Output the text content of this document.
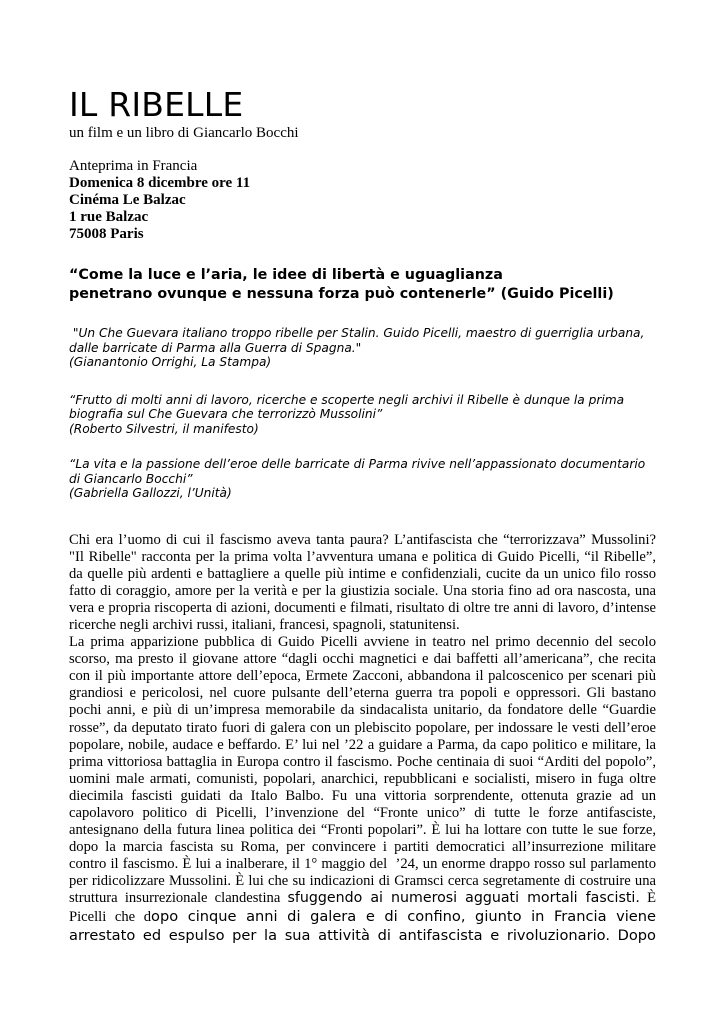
IL RIBELLE

un film e un libro di Giancarlo Bocchi

Anteprima in Francia
Domenica 8 dicembre ore 11
Cinéma Le Balzac
1 rue Balzac
75008 Paris
“Come la luce e l’aria, le idee di libertà e uguaglianza
penetrano ovunque e nessuna forza può contenerle” (Guido Picelli)
"Un Che Guevara italiano troppo ribelle per Stalin. Guido Picelli, maestro di guerriglia urbana,
dalle barricate di Parma alla Guerra di Spagna."
(Gianantonio Orrighi, La Stampa)
“Frutto di molti anni di lavoro, ricerche e scoperte negli archivi il Ribelle è dunque la prima
biografia sul Che Guevara che terrorizzò Mussolini”
(Roberto Silvestri, il manifesto)
“La vita e la passione dell’eroe delle barricate di Parma rivive nell’appassionato documentario
di Giancarlo Bocchi”
(Gabriella Gallozzi, l’Unità)
Chi era l’uomo di cui il fascismo aveva tanta paura? L’antifascista che “terrorizzava” Mussolini?
"Il Ribelle" racconta per la prima volta l’avventura umana e politica di Guido Picelli, “il Ribelle”,
da quelle più ardenti e battagliere a quelle più intime e confidenziali, cucite da un unico filo rosso
fatto di coraggio, amore per la verità e per la giustizia sociale. Una storia fino ad ora nascosta, una
vera e propria riscoperta di azioni, documenti e filmati, risultato di oltre tre anni di lavoro, d’intense
ricerche negli archivi russi, italiani, francesi, spagnoli, statunitensi.
La prima apparizione pubblica di Guido Picelli avviene in teatro nel primo decennio del secolo
scorso, ma presto il giovane attore “dagli occhi magnetici e dai baffetti all’americana”, che recita
con il più importante attore dell’epoca, Ermete Zacconi, abbandona il palcoscenico per scenari più
grandiosi e pericolosi, nel cuore pulsante dell’eterna guerra tra popoli e oppressori. Gli bastano
pochi anni, e più di un’impresa memorabile da sindacalista unitario, da fondatore delle “Guardie
rosse”, da deputato tirato fuori di galera con un plebiscito popolare, per indossare le vesti dell’eroe
popolare, nobile, audace e beffardo. E’ lui nel ’22 a guidare a Parma, da capo politico e militare, la
prima vittoriosa battaglia in Europa contro il fascismo. Poche centinaia di suoi “Arditi del popolo”,
uomini male armati, comunisti, popolari, anarchici, repubblicani e socialisti, misero in fuga oltre
diecimila fascisti guidati da Italo Balbo. Fu una vittoria sorprendente, ottenuta grazie ad un
capolavoro politico di Picelli, l’invenzione del “Fronte unico” di tutte le forze antifasciste,
antesignano della futura linea politica dei “Fronti popolari”. È lui ha lottare con tutte le sue forze,
dopo la marcia fascista su Roma, per convincere i partiti democratici all’insurrezione militare
contro il fascismo. È lui a inalberare, il 1° maggio del  ’24, un enorme drappo rosso sul parlamento
per ridicolizzare Mussolini. È lui che su indicazioni di Gramsci cerca segretamente di costruire una
struttura insurrezionale clandestina sfuggendo ai numerosi agguati mortali fascisti. È
Picelli che dopo cinque anni di galera e di confino, giunto in Francia viene
arrestato ed espulso per la sua attività di antifascista e rivoluzionario. Dopo
